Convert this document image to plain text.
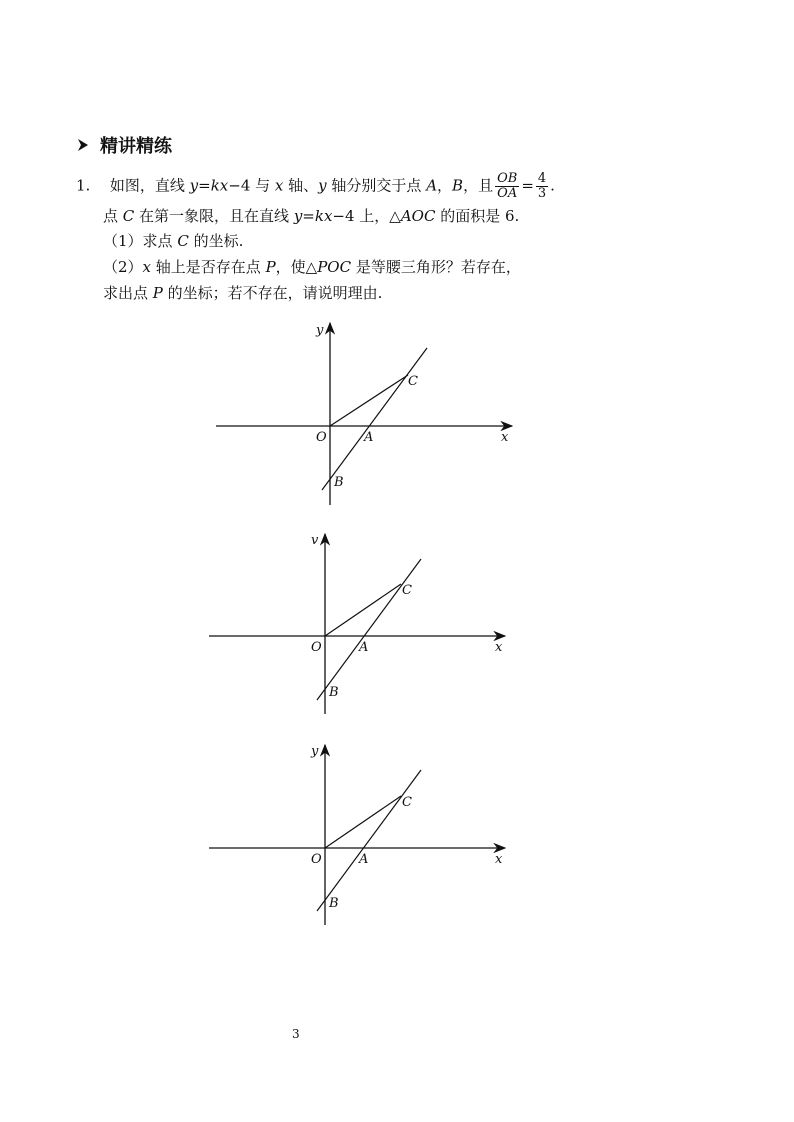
精讲精练
1. 如图，直线 y=kx−4 与 x 轴、y 轴分别交于点 A，B，且 $\frac{OB}{OA} = \frac{4}{3}$ .
点 C 在第一象限，且在直线 y=kx−4 上，△AOC 的面积是 6.
（1）求点 C 的坐标.
（2）x 轴上是否存在点 P，使△POC 是等腰三角形？若存在，
求出点 P 的坐标；若不存在，请说明理由.
y
x
O	A
B
C
v
x
O	A
B
C
y
x
O	A
B
C
3
